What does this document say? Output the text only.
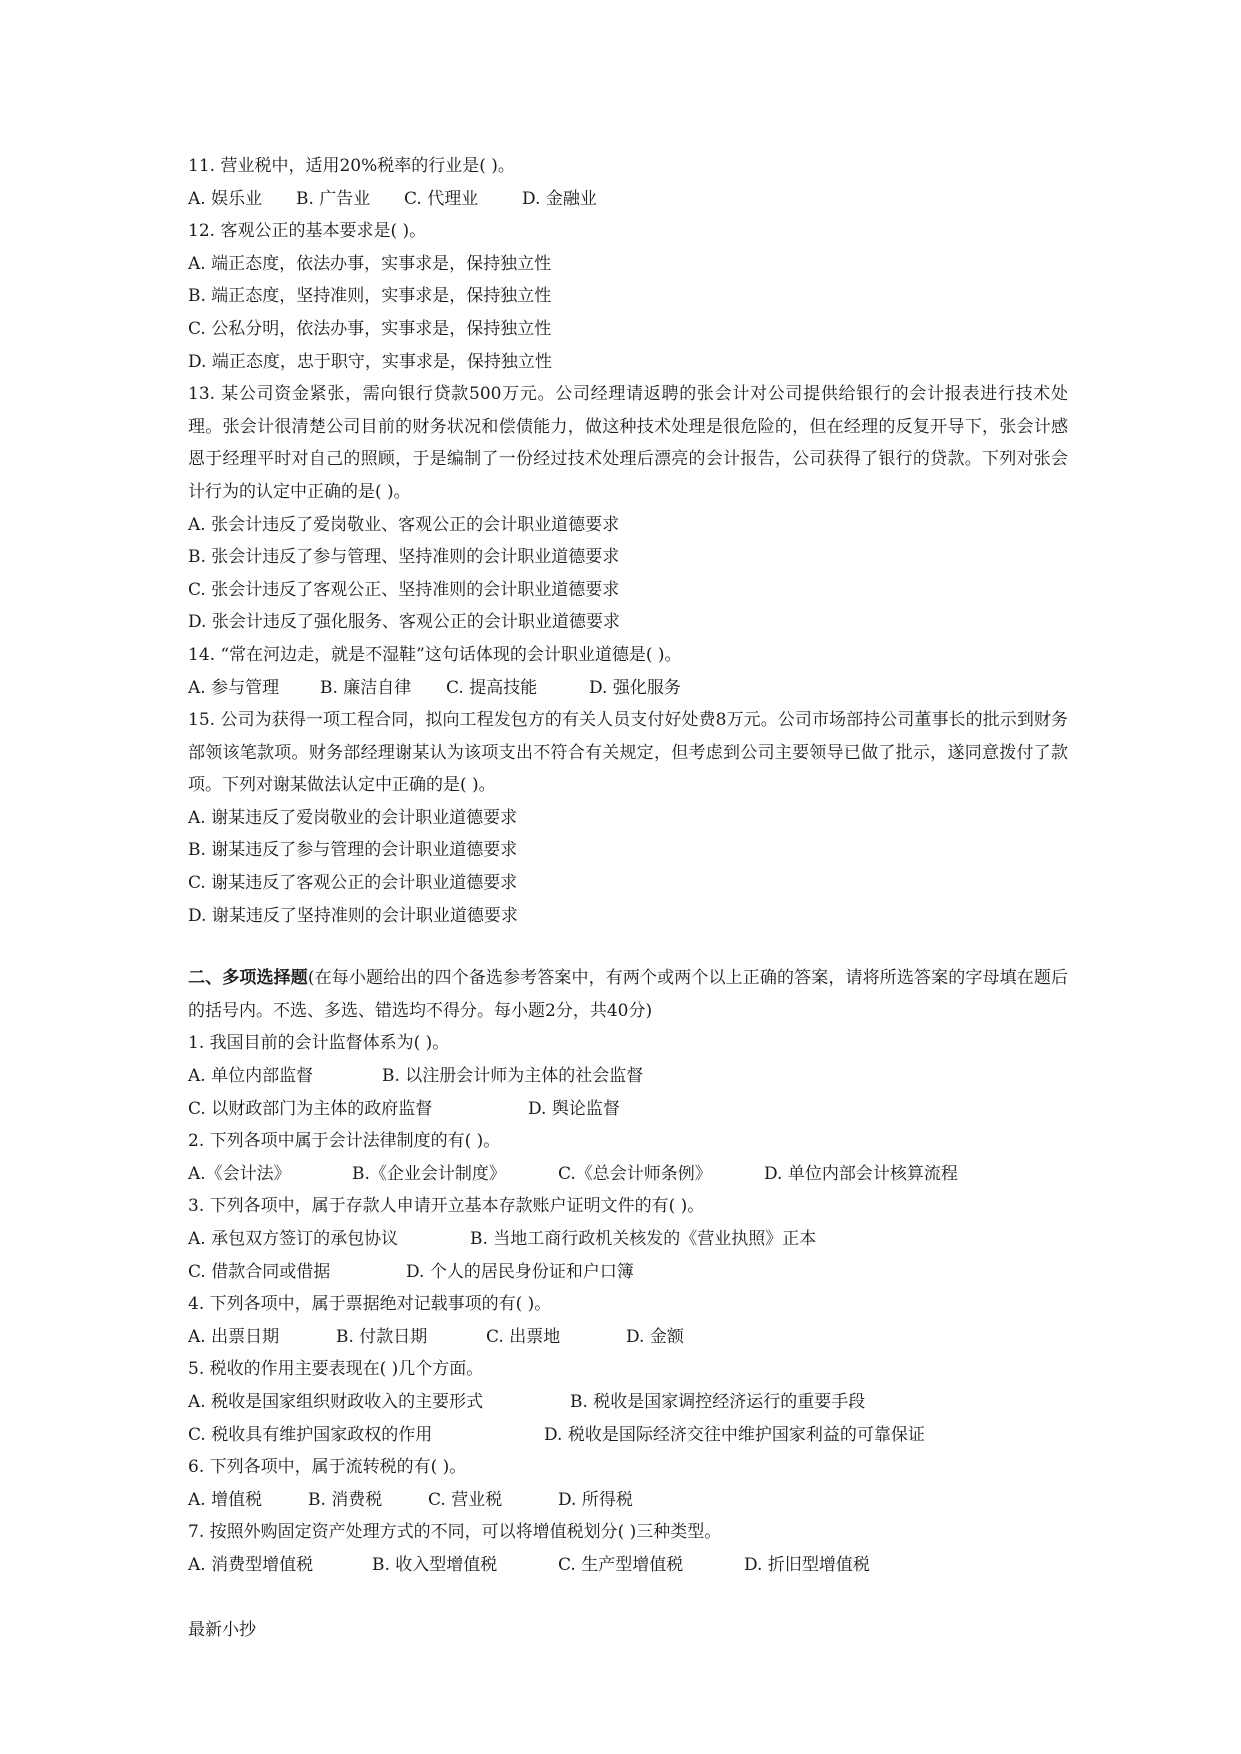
11. 营业税中，适用20%税率的行业是( )。
A. 娱乐业 B. 广告业 C. 代理业	D. 金融业
12. 客观公正的基本要求是( )。
A. 端正态度，依法办事，实事求是，保持独立性
B. 端正态度，坚持准则，实事求是，保持独立性
C. 公私分明，依法办事，实事求是，保持独立性
D. 端正态度，忠于职守，实事求是，保持独立性
13. 某公司资金紧张，需向银行贷款500万元。公司经理请返聘的张会计对公司提供给银行的会计报表进行技术处理。张会计很清楚公司目前的财务状况和偿债能力，做这种技术处理是很危险的，但在经理的反复开导下，张会计感恩于经理平时对自己的照顾，于是编制了一份经过技术处理后漂亮的会计报告，公司获得了银行的贷款。下列对张会计行为的认定中正确的是( )。
A. 张会计违反了爱岗敬业、客观公正的会计职业道德要求
B. 张会计违反了参与管理、坚持准则的会计职业道德要求
C. 张会计违反了客观公正、坚持准则的会计职业道德要求
D. 张会计违反了强化服务、客观公正的会计职业道德要求
14. “常在河边走，就是不湿鞋”这句话体现的会计职业道德是( )。
A. 参与管理 B. 廉洁自律 C. 提高技能	D. 强化服务
15. 公司为获得一项工程合同，拟向工程发包方的有关人员支付好处费8万元。公司市场部持公司董事长的批示到财务部领该笔款项。财务部经理谢某认为该项支出不符合有关规定，但考虑到公司主要领导已做了批示，遂同意拨付了款项。下列对谢某做法认定中正确的是( )。
A. 谢某违反了爱岗敬业的会计职业道德要求
B. 谢某违反了参与管理的会计职业道德要求
C. 谢某违反了客观公正的会计职业道德要求
D. 谢某违反了坚持准则的会计职业道德要求
二、多项选择题(在每小题给出的四个备选参考答案中，有两个或两个以上正确的答案，请将所选答案的字母填在题后的括号内。不选、多选、错选均不得分。每小题2分，共40分)
1. 我国目前的会计监督体系为( )。
A. 单位内部监督	B. 以注册会计师为主体的社会监督
C. 以财政部门为主体的政府监督	D. 舆论监督
2. 下列各项中属于会计法律制度的有( )。
A.《会计法》	B.《企业会计制度》	C.《总会计师条例》	D. 单位内部会计核算流程
3. 下列各项中，属于存款人申请开立基本存款账户证明文件的有( )。
A. 承包双方签订的承包协议	B. 当地工商行政机关核发的《营业执照》正本
C. 借款合同或借据	D. 个人的居民身份证和户口簿
4. 下列各项中，属于票据绝对记载事项的有( )。
A. 出票日期	B. 付款日期	C. 出票地	D. 金额
5. 税收的作用主要表现在( )几个方面。
A. 税收是国家组织财政收入的主要形式	B. 税收是国家调控经济运行的重要手段
C. 税收具有维护国家政权的作用	D. 税收是国际经济交往中维护国家利益的可靠保证
6. 下列各项中，属于流转税的有( )。
A. 增值税	B. 消费税	C. 营业税	D. 所得税
7. 按照外购固定资产处理方式的不同，可以将增值税划分( )三种类型。
A. 消费型增值税	B. 收入型增值税	C. 生产型增值税	D. 折旧型增值税
最新小抄
